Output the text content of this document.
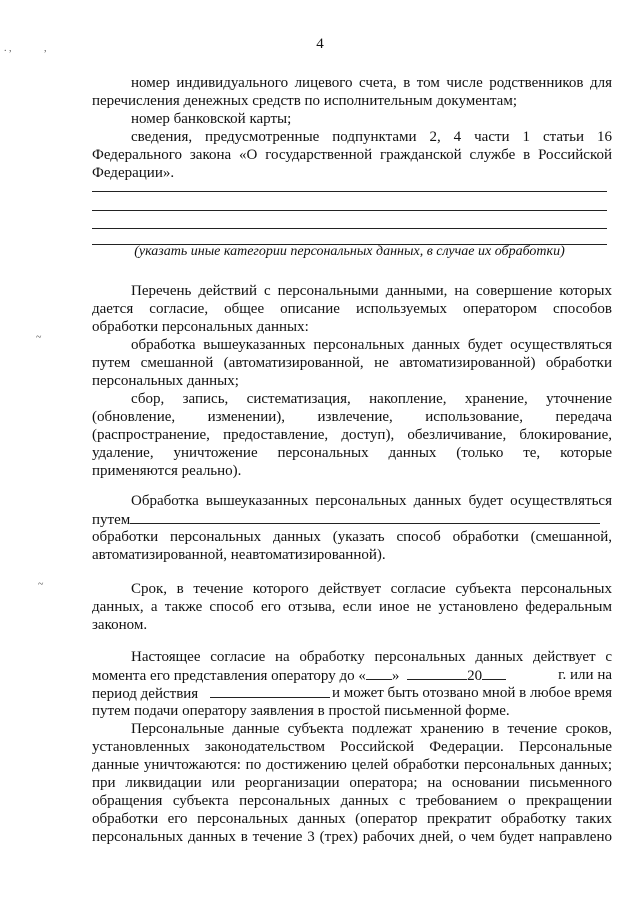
. ,	,
~
~
4
номер индивидуального лицевого счета, в том числе родственников для
перечисления денежных средств по исполнительным документам;
номер банковской карты;
сведения, предусмотренные подпунктами 2, 4 части 1 статьи 16
Федерального закона «О государственной гражданской службе в Российской
Федерации».
(указать иные категории персональных данных, в случае их обработки)
Перечень действий с персональными данными, на совершение которых
дается согласие, общее описание используемых оператором способов
обработки персональных данных:
обработка вышеуказанных персональных данных будет осуществляться
путем смешанной (автоматизированной, не автоматизированной) обработки
персональных данных;
сбор, запись, систематизация, накопление, хранение, уточнение
(обновление, изменении), извлечение, использование, передача
(распространение, предоставление, доступ), обезличивание, блокирование,
удаление, уничтожение персональных данных (только те, которые
применяются реально).
Обработка вышеуказанных персональных данных будет осуществляться
путем
обработки персональных данных (указать способ обработки (смешанной,
автоматизированной, неавтоматизированной).
Срок, в течение которого действует согласие субъекта персональных
данных, а также способ его отзыва, если иное не установлено федеральным
законом.
Настоящее согласие на обработку персональных данных действует с
момента его представления оператору до « »	20	г. или на
период действия	и может быть отозвано мной в любое время
путем подачи оператору заявления в простой письменной форме.
Персональные данные субъекта подлежат хранению в течение сроков,
установленных законодательством Российской Федерации. Персональные
данные уничтожаются: по достижению целей обработки персональных данных;
при ликвидации или реорганизации оператора; на основании письменного
обращения субъекта персональных данных с требованием о прекращении
обработки его персональных данных (оператор прекратит обработку таких
персональных данных в течение 3 (трех) рабочих дней, о чем будет направлено
